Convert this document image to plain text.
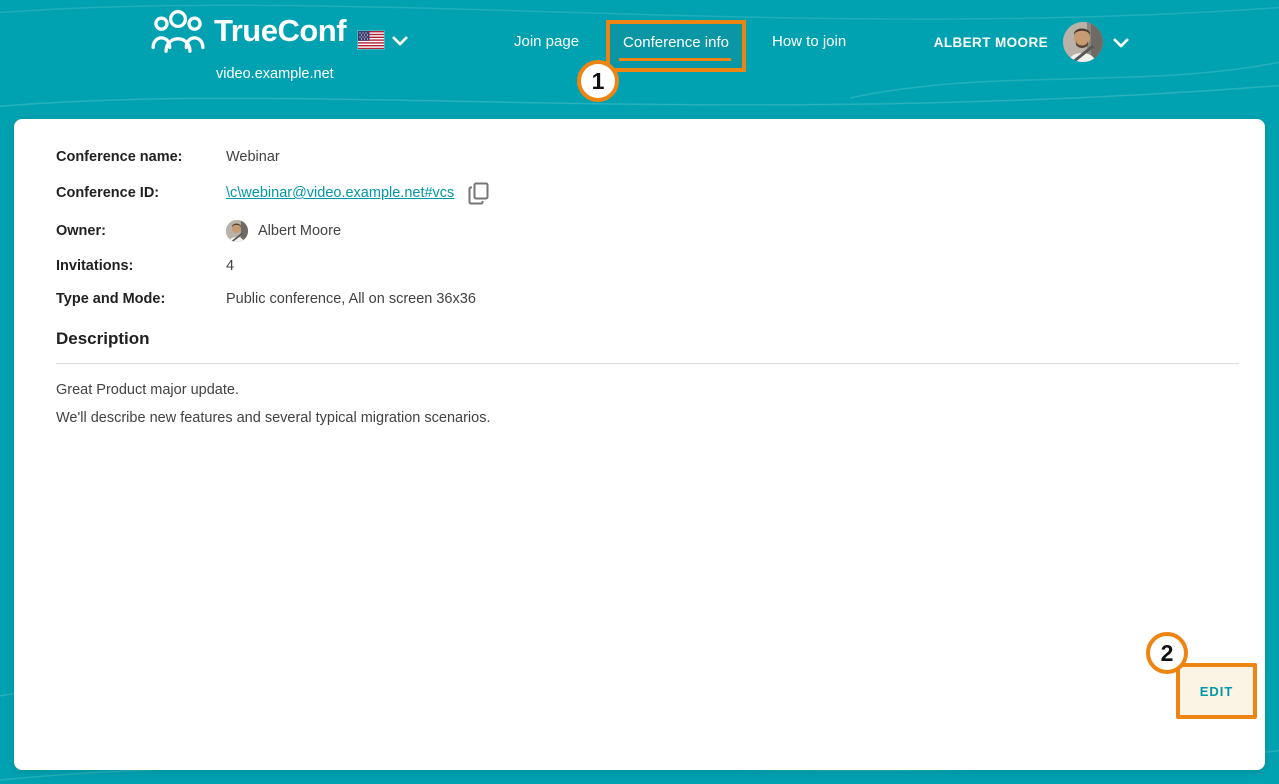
TrueConf
video.example.net
Join page	Conference info	How to join	ALBERT MOORE
1
2
Conference name:	Webinar
Conference ID:	\c\webinar@video.example.net#vcs
Owner:	Albert Moore
Invitations:	4
Type and Mode:	Public conference, All on screen 36x36
Description

Great Product major update.

We'll describe new features and several typical migration scenarios.

EDIT
